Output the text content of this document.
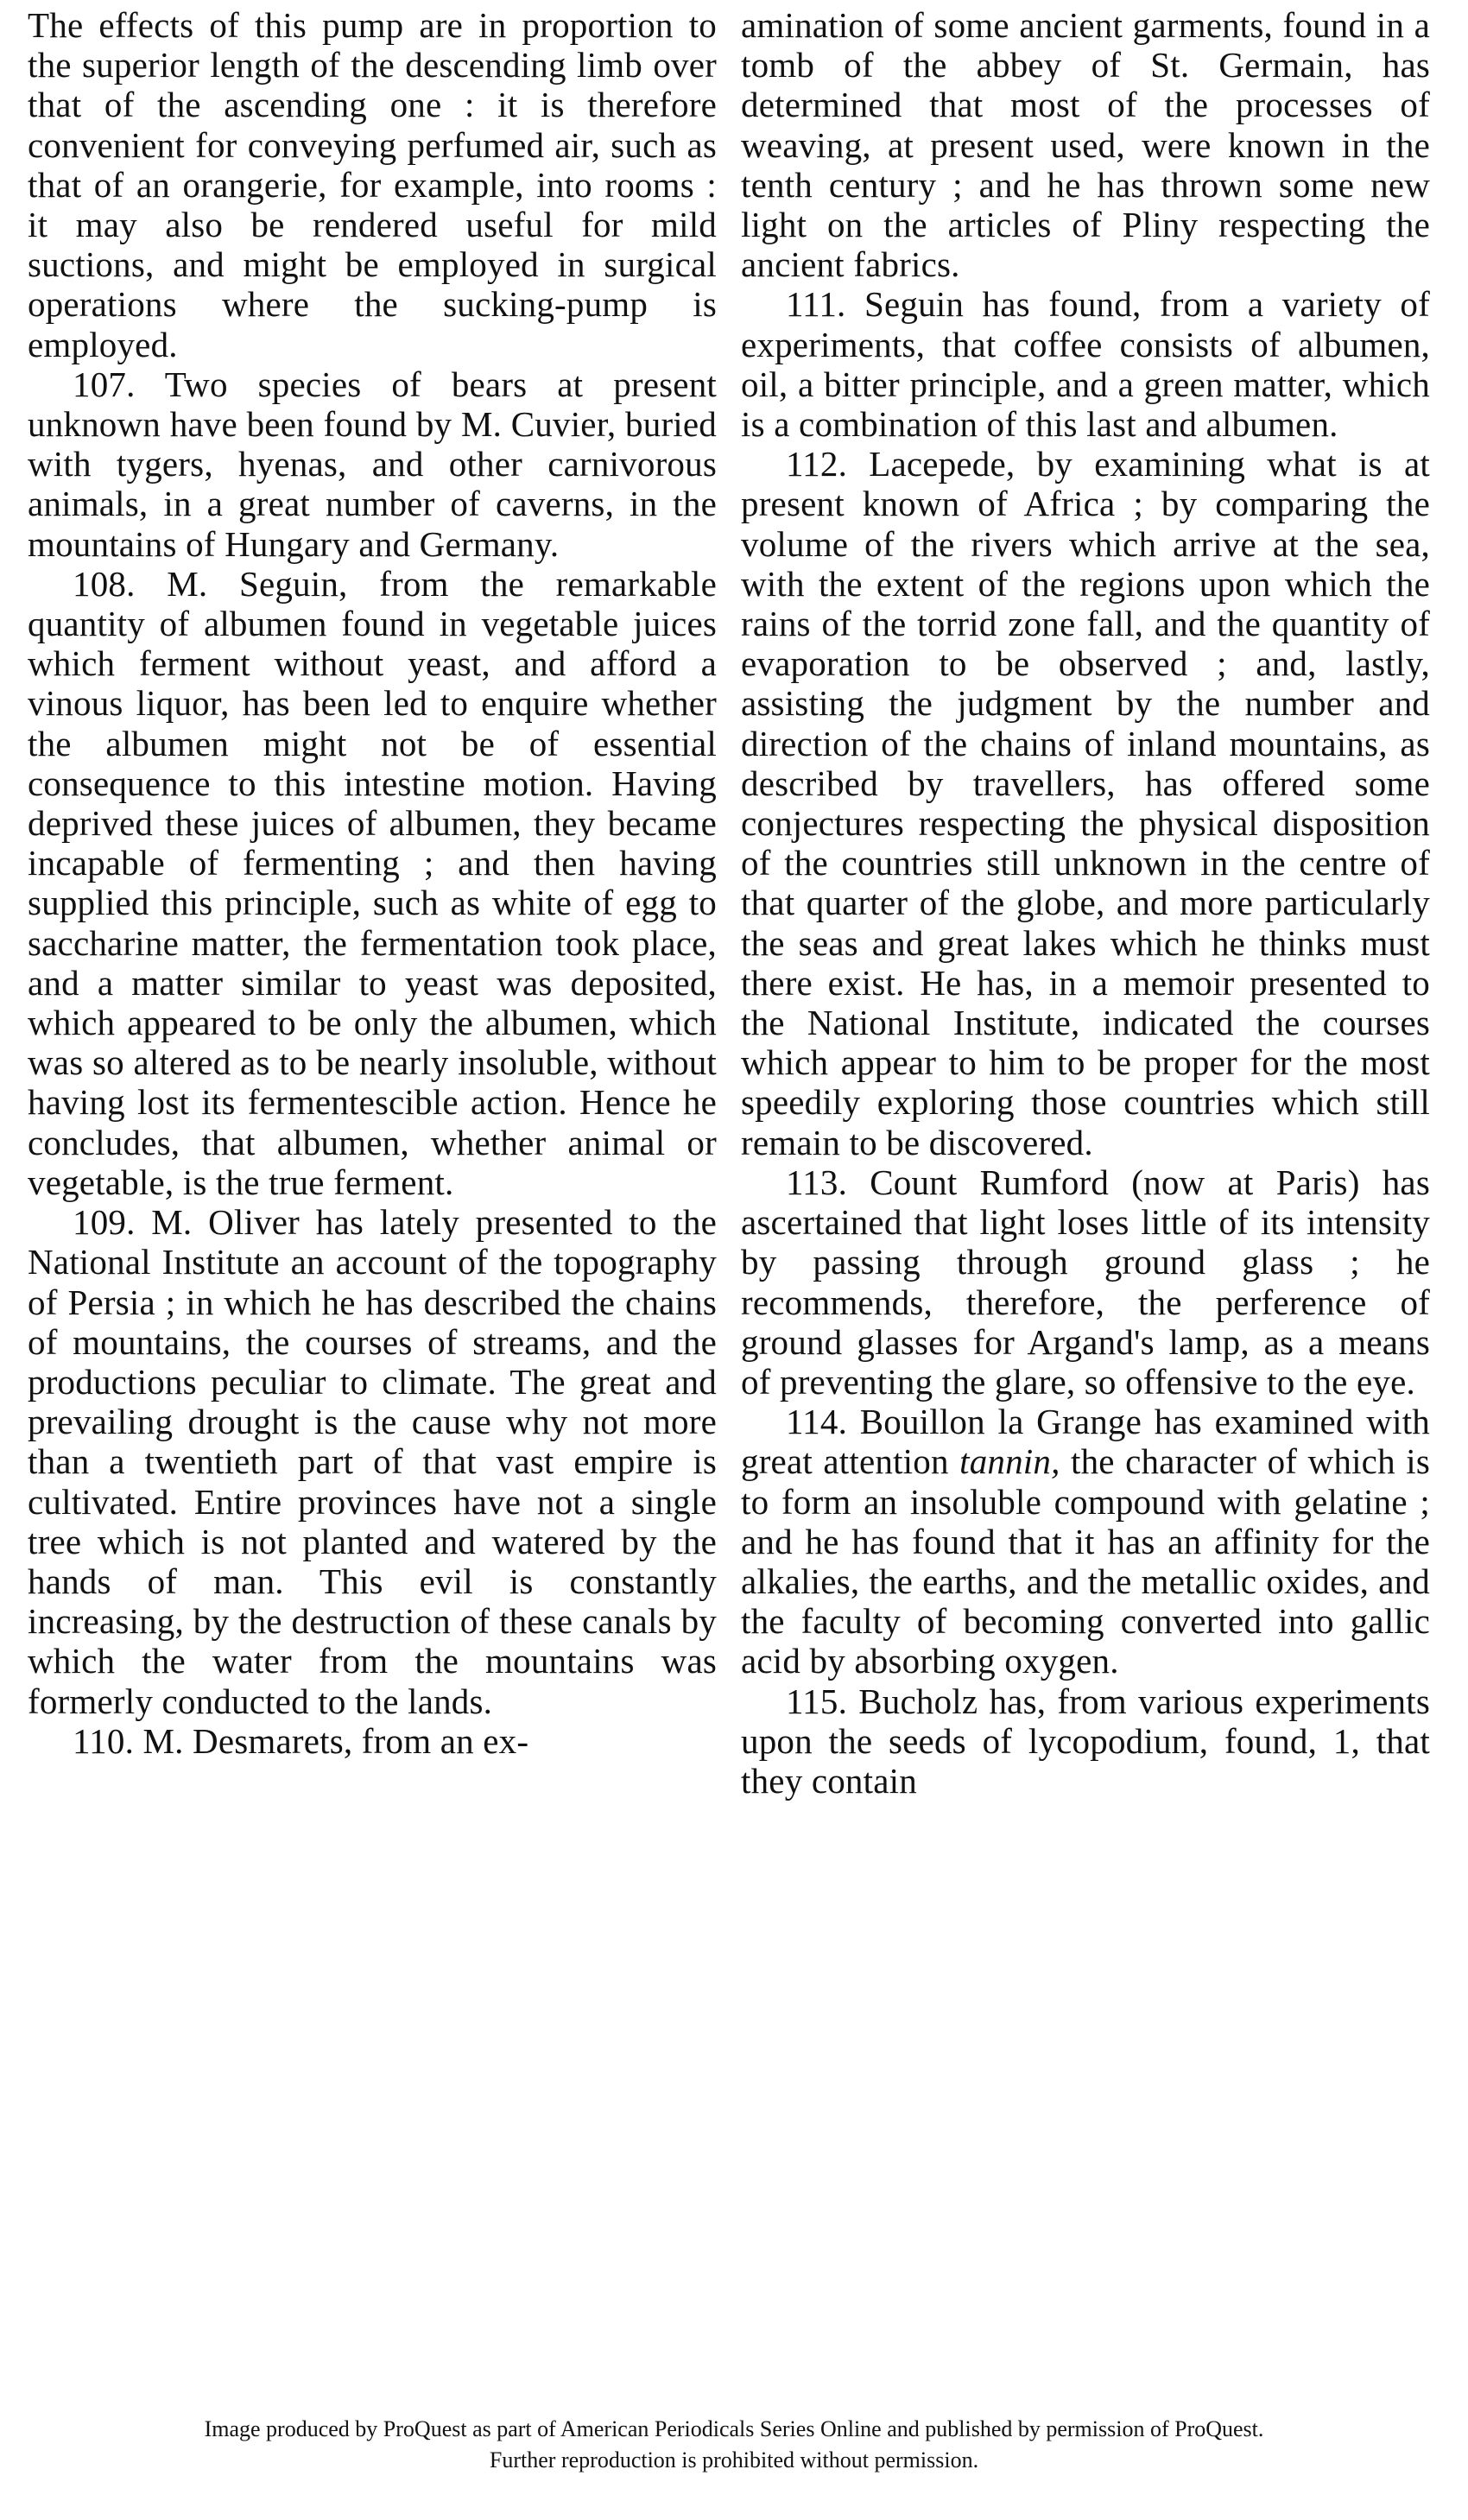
The effects of this pump are in proportion to the superior length of the descending limb over that of the ascending one : it is therefore convenient for conveying perfumed air, such as that of an orangerie, for example, into rooms : it may also be rendered useful for mild suctions, and might be employed in surgical operations where the sucking-pump is employed.

107. Two species of bears at present unknown have been found by M. Cuvier, buried with tygers, hyenas, and other carnivorous animals, in a great number of caverns, in the mountains of Hungary and Germany.

108. M. Seguin, from the remarkable quantity of albumen found in vegetable juices which ferment without yeast, and afford a vinous liquor, has been led to enquire whether the albumen might not be of essential consequence to this intestine motion. Having deprived these juices of albumen, they became incapable of fermenting ; and then having supplied this principle, such as white of egg to saccharine matter, the fermentation took place, and a matter similar to yeast was deposited, which appeared to be only the albumen, which was so altered as to be nearly insoluble, without having lost its fermentescible action. Hence he concludes, that albumen, whether animal or vegetable, is the true ferment.

109. M. Oliver has lately presented to the National Institute an account of the topography of Persia ; in which he has described the chains of mountains, the courses of streams, and the productions peculiar to climate. The great and prevailing drought is the cause why not more than a twentieth part of that vast empire is cultivated. Entire provinces have not a single tree which is not planted and watered by the hands of man. This evil is constantly increasing, by the destruction of these canals by which the water from the mountains was formerly conducted to the lands.

110. M. Desmarets, from an ex-

amination of some ancient garments, found in a tomb of the abbey of St. Germain, has determined that most of the processes of weaving, at present used, were known in the tenth century ; and he has thrown some new light on the articles of Pliny respecting the ancient fabrics.

111. Seguin has found, from a variety of experiments, that coffee consists of albumen, oil, a bitter principle, and a green matter, which is a combination of this last and albumen.

112. Lacepede, by examining what is at present known of Africa ; by comparing the volume of the rivers which arrive at the sea, with the extent of the regions upon which the rains of the torrid zone fall, and the quantity of evaporation to be observed ; and, lastly, assisting the judgment by the number and direction of the chains of inland mountains, as described by travellers, has offered some conjectures respecting the physical disposition of the countries still unknown in the centre of that quarter of the globe, and more particularly the seas and great lakes which he thinks must there exist. He has, in a memoir presented to the National Institute, indicated the courses which appear to him to be proper for the most speedily exploring those countries which still remain to be discovered.

113. Count Rumford (now at Paris) has ascertained that light loses little of its intensity by passing through ground glass ; he recommends, therefore, the perference of ground glasses for Argand's lamp, as a means of preventing the glare, so offensive to the eye.

114. Bouillon la Grange has examined with great attention tannin, the character of which is to form an insoluble compound with gelatine ; and he has found that it has an affinity for the alkalies, the earths, and the metallic oxides, and the faculty of becoming converted into gallic acid by absorbing oxygen.

115. Bucholz has, from various experiments upon the seeds of lycopodium, found, 1, that they contain

Image produced by ProQuest as part of American Periodicals Series Online and published by permission of ProQuest.
Further reproduction is prohibited without permission.
